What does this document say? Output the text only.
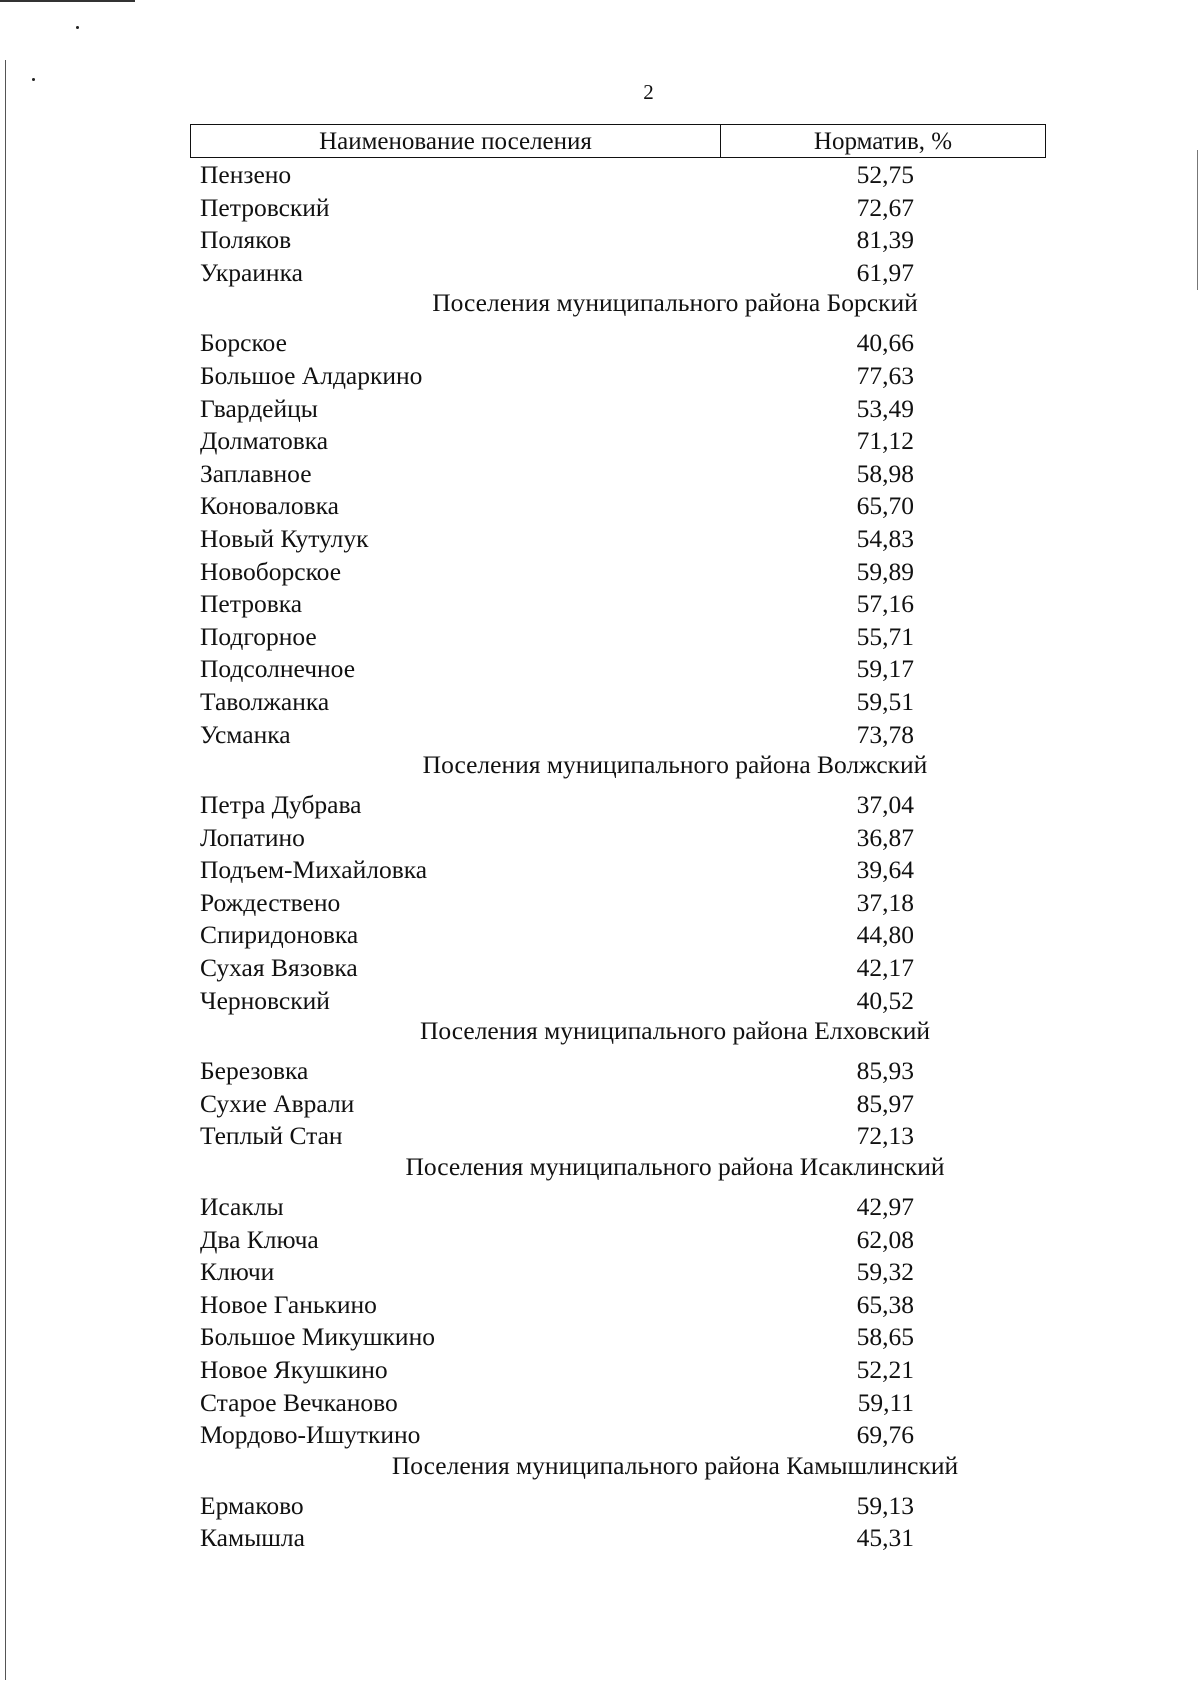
2
Наименование поселения	Норматив, %
Пензено	52,75
Петровский	72,67
Поляков	81,39
Украинка	61,97
Поселения муниципального района Борский
Борское	40,66
Большое Алдаркино	77,63
Гвардейцы	53,49
Долматовка	71,12
Заплавное	58,98
Коноваловка	65,70
Новый Кутулук	54,83
Новоборское	59,89
Петровка	57,16
Подгорное	55,71
Подсолнечное	59,17
Таволжанка	59,51
Усманка	73,78
Поселения муниципального района Волжский
Петра Дубрава	37,04
Лопатино	36,87
Подъем-Михайловка	39,64
Рождествено	37,18
Спиридоновка	44,80
Сухая Вязовка	42,17
Черновский	40,52
Поселения муниципального района Елховский
Березовка	85,93
Сухие Аврали	85,97
Теплый Стан	72,13
Поселения муниципального района Исаклинский
Исаклы	42,97
Два Ключа	62,08
Ключи	59,32
Новое Ганькино	65,38
Большое Микушкино	58,65
Новое Якушкино	52,21
Старое Вечканово	59,11
Мордово-Ишуткино	69,76
Поселения муниципального района Камышлинский
Ермаково	59,13
Камышла	45,31
